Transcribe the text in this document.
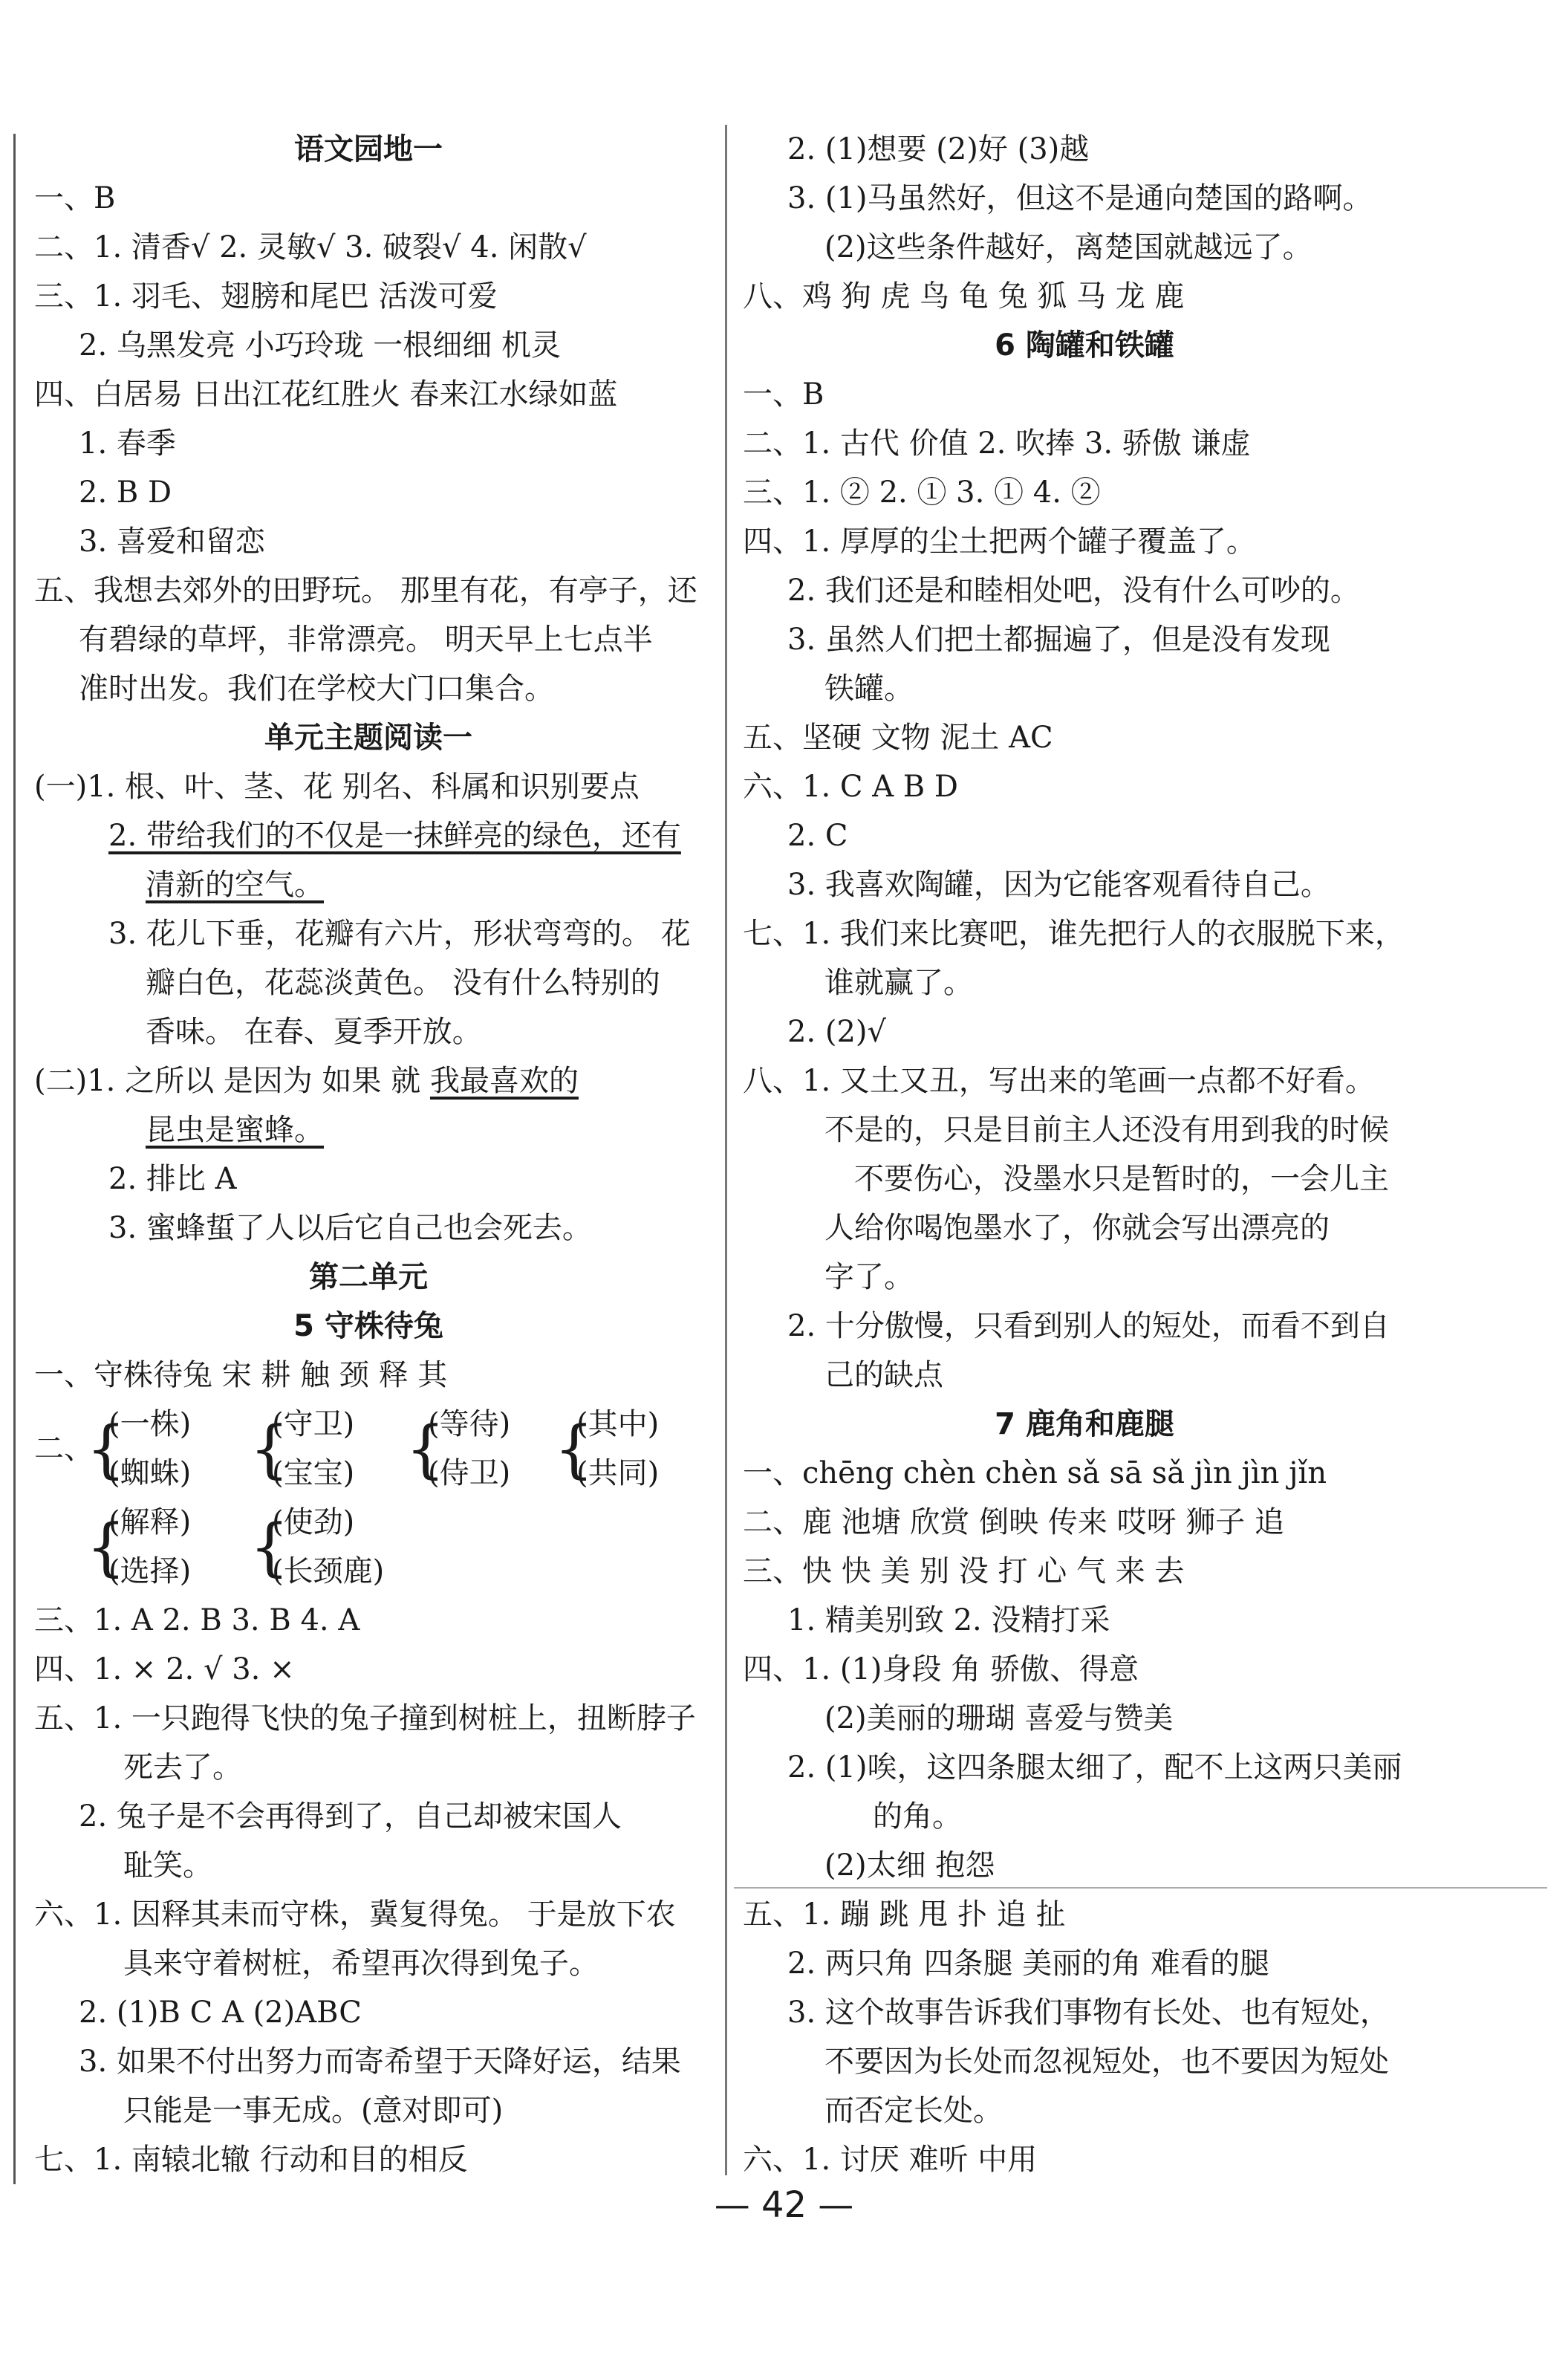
语文园地一
一、B
二、1. 清香√ 2. 灵敏√ 3. 破裂√ 4. 闲散√
三、1. 羽毛、翅膀和尾巴 活泼可爱
2. 乌黑发亮 小巧玲珑 一根细细 机灵
四、白居易 日出江花红胜火 春来江水绿如蓝
1. 春季
2. B D
3. 喜爱和留恋
五、我想去郊外的田野玩。 那里有花，有亭子，还
有碧绿的草坪，非常漂亮。 明天早上七点半
准时出发。我们在学校大门口集合。
单元主题阅读一
(一)1. 根、叶、茎、花 别名、科属和识别要点
2. 带给我们的不仅是一抹鲜亮的绿色，还有
清新的空气。
3. 花儿下垂，花瓣有六片，形状弯弯的。 花
瓣白色，花蕊淡黄色。 没有什么特别的
香味。 在春、夏季开放。
(二)1. 之所以 是因为 如果 就 我最喜欢的
昆虫是蜜蜂。
2. 排比 A
3. 蜜蜂蜇了人以后它自己也会死去。
第二单元
5 守株待兔
一、守株待兔 宋 耕 触 颈 释 其
二、
{
(一株)
(蜘蛛) {
(守卫)
(宝宝) {
(等待)
(侍卫) {
(其中)
(共同)
{
(解释)
(选择) {
(使劲)
(长颈鹿)
三、1. A 2. B 3. B 4. A
四、1. × 2. √ 3. ×
五、1. 一只跑得飞快的兔子撞到树桩上，扭断脖子
死去了。
2. 兔子是不会再得到了，自己却被宋国人
耻笑。
六、1. 因释其耒而守株，冀复得兔。 于是放下农
具来守着树桩，希望再次得到兔子。
2. (1)B C A (2)ABC
3. 如果不付出努力而寄希望于天降好运，结果
只能是一事无成。(意对即可)
七、1. 南辕北辙 行动和目的相反
2. (1)想要 (2)好 (3)越
3. (1)马虽然好，但这不是通向楚国的路啊。
(2)这些条件越好，离楚国就越远了。
八、鸡 狗 虎 鸟 龟 兔 狐 马 龙 鹿
6 陶罐和铁罐
一、B
二、1. 古代 价值 2. 吹捧 3. 骄傲 谦虚
三、1. ② 2. ① 3. ① 4. ②
四、1. 厚厚的尘土把两个罐子覆盖了。
2. 我们还是和睦相处吧，没有什么可吵的。
3. 虽然人们把土都掘遍了，但是没有发现
铁罐。
五、坚硬 文物 泥土 AC
六、1. C A B D
2. C
3. 我喜欢陶罐，因为它能客观看待自己。
七、1. 我们来比赛吧，谁先把行人的衣服脱下来，
谁就赢了。
2. (2)√
八、1. 又土又丑，写出来的笔画一点都不好看。
不是的，只是目前主人还没有用到我的时候
不要伤心，没墨水只是暂时的，一会儿主
人给你喝饱墨水了，你就会写出漂亮的
字了。
2. 十分傲慢，只看到别人的短处，而看不到自
己的缺点
7 鹿角和鹿腿
一、chēng chèn chèn sǎ sā sǎ jìn jìn jǐn
二、鹿 池塘 欣赏 倒映 传来 哎呀 狮子 追
三、快 快 美 别 没 打 心 气 来 去
1. 精美别致 2. 没精打采
四、1. (1)身段 角 骄傲、得意
(2)美丽的珊瑚 喜爱与赞美
2. (1)唉，这四条腿太细了，配不上这两只美丽
的角。
(2)太细 抱怨
五、1. 蹦 跳 甩 扑 追 扯
2. 两只角 四条腿 美丽的角 难看的腿
3. 这个故事告诉我们事物有长处、也有短处，
不要因为长处而忽视短处，也不要因为短处
而否定长处。
六、1. 讨厌 难听 中用
— 42 —
